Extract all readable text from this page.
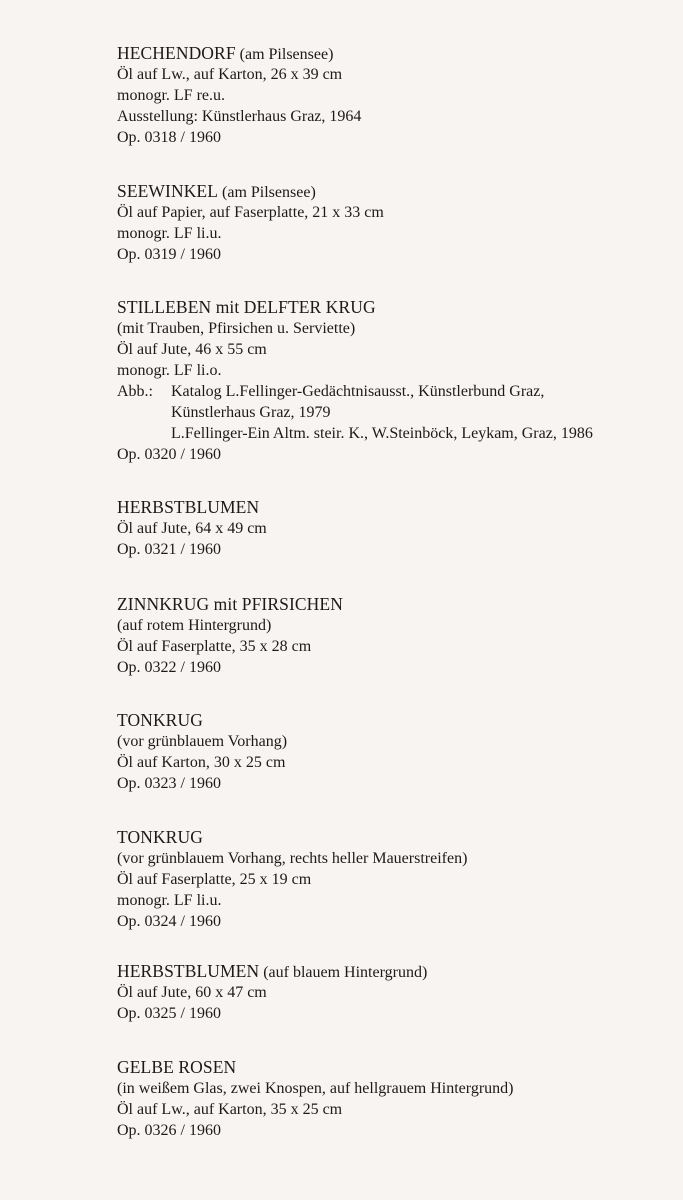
HECHENDORF (am Pilsensee)
Öl auf Lw., auf Karton, 26 x 39 cm
monogr. LF re.u.
Ausstellung: Künstlerhaus Graz, 1964
Op. 0318 / 1960
SEEWINKEL (am Pilsensee)
Öl auf Papier, auf Faserplatte, 21 x 33 cm
monogr. LF li.u.
Op. 0319 / 1960
STILLEBEN mit DELFTER KRUG
(mit Trauben, Pfirsichen u. Serviette)
Öl auf Jute, 46 x 55 cm
monogr. LF li.o.
Abb.:	Katalog L.Fellinger-Gedächtnisausst., Künstlerbund Graz,
Künstlerhaus Graz, 1979
L.Fellinger-Ein Altm. steir. K., W.Steinböck, Leykam, Graz, 1986
Op. 0320 / 1960
HERBSTBLUMEN
Öl auf Jute, 64 x 49 cm
Op. 0321 / 1960
ZINNKRUG mit PFIRSICHEN
(auf rotem Hintergrund)
Öl auf Faserplatte, 35 x 28 cm
Op. 0322 / 1960
TONKRUG
(vor grünblauem Vorhang)
Öl auf Karton, 30 x 25 cm
Op. 0323 / 1960
TONKRUG
(vor grünblauem Vorhang, rechts heller Mauerstreifen)
Öl auf Faserplatte, 25 x 19 cm
monogr. LF li.u.
Op. 0324 / 1960
HERBSTBLUMEN (auf blauem Hintergrund)
Öl auf Jute, 60 x 47 cm
Op. 0325 / 1960
GELBE ROSEN
(in weißem Glas, zwei Knospen, auf hellgrauem Hintergrund)
Öl auf Lw., auf Karton, 35 x 25 cm
Op. 0326 / 1960
